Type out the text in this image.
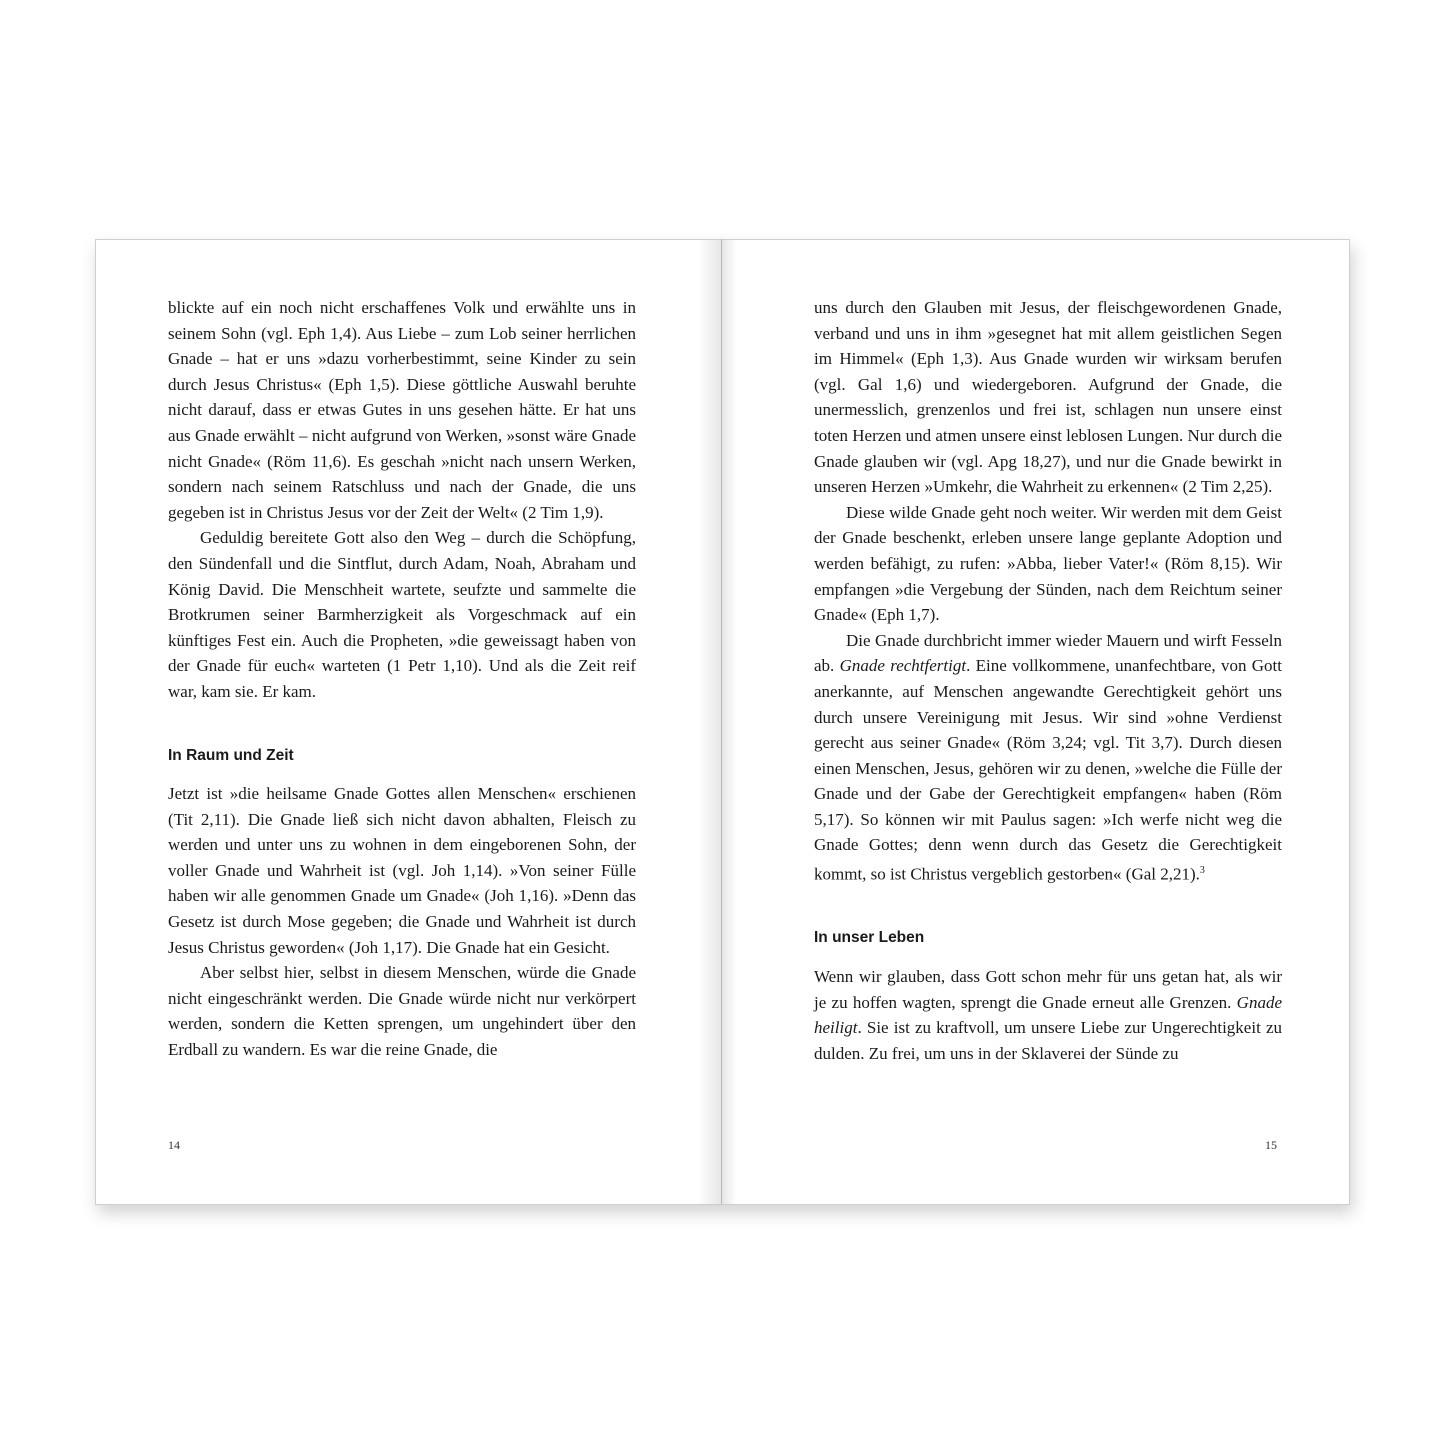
blickte auf ein noch nicht erschaffenes Volk und erwählte uns in seinem Sohn (vgl. Eph 1,4). Aus Liebe – zum Lob seiner herrlichen Gnade – hat er uns »dazu vorherbestimmt, seine Kinder zu sein durch Jesus Christus« (Eph 1,5). Diese göttliche Auswahl beruhte nicht darauf, dass er etwas Gutes in uns gesehen hätte. Er hat uns aus Gnade erwählt – nicht aufgrund von Werken, »sonst wäre Gnade nicht Gnade« (Röm 11,6). Es geschah »nicht nach unsern Werken, sondern nach seinem Ratschluss und nach der Gnade, die uns gegeben ist in Christus Jesus vor der Zeit der Welt« (2 Tim 1,9).

Geduldig bereitete Gott also den Weg – durch die Schöpfung, den Sündenfall und die Sintflut, durch Adam, Noah, Abraham und König David. Die Menschheit wartete, seufzte und sammelte die Brotkrumen seiner Barmherzigkeit als Vorgeschmack auf ein künftiges Fest ein. Auch die Propheten, »die geweissagt haben von der Gnade für euch« warteten (1 Petr 1,10). Und als die Zeit reif war, kam sie. Er kam.

In Raum und Zeit

Jetzt ist »die heilsame Gnade Gottes allen Menschen« erschienen (Tit 2,11). Die Gnade ließ sich nicht davon abhalten, Fleisch zu werden und unter uns zu wohnen in dem eingeborenen Sohn, der voller Gnade und Wahrheit ist (vgl. Joh 1,14). »Von seiner Fülle haben wir alle genommen Gnade um Gnade« (Joh 1,16). »Denn das Gesetz ist durch Mose gegeben; die Gnade und Wahrheit ist durch Jesus Christus geworden« (Joh 1,17). Die Gnade hat ein Gesicht.

Aber selbst hier, selbst in diesem Menschen, würde die Gnade nicht eingeschränkt werden. Die Gnade würde nicht nur verkörpert werden, sondern die Ketten sprengen, um ungehindert über den Erdball zu wandern. Es war die reine Gnade, die

14

uns durch den Glauben mit Jesus, der fleischgewordenen Gnade, verband und uns in ihm »gesegnet hat mit allem geistlichen Segen im Himmel« (Eph 1,3). Aus Gnade wurden wir wirksam berufen (vgl. Gal 1,6) und wiedergeboren. Aufgrund der Gnade, die unermesslich, grenzenlos und frei ist, schlagen nun unsere einst toten Herzen und atmen unsere einst leblosen Lungen. Nur durch die Gnade glauben wir (vgl. Apg 18,27), und nur die Gnade bewirkt in unseren Herzen »Umkehr, die Wahrheit zu erkennen« (2 Tim 2,25).

Diese wilde Gnade geht noch weiter. Wir werden mit dem Geist der Gnade beschenkt, erleben unsere lange geplante Adoption und werden befähigt, zu rufen: »Abba, lieber Vater!« (Röm 8,15). Wir empfangen »die Vergebung der Sünden, nach dem Reichtum seiner Gnade« (Eph 1,7).

Die Gnade durchbricht immer wieder Mauern und wirft Fesseln ab. Gnade rechtfertigt. Eine vollkommene, unanfechtbare, von Gott anerkannte, auf Menschen angewandte Gerechtigkeit gehört uns durch unsere Vereinigung mit Jesus. Wir sind »ohne Verdienst gerecht aus seiner Gnade« (Röm 3,24; vgl. Tit 3,7). Durch diesen einen Menschen, Jesus, gehören wir zu denen, »welche die Fülle der Gnade und der Gabe der Gerechtigkeit empfangen« haben (Röm 5,17). So können wir mit Paulus sagen: »Ich werfe nicht weg die Gnade Gottes; denn wenn durch das Gesetz die Gerechtigkeit kommt, so ist Christus vergeblich gestorben« (Gal 2,21).$^3$

In unser Leben

Wenn wir glauben, dass Gott schon mehr für uns getan hat, als wir je zu hoffen wagten, sprengt die Gnade erneut alle Grenzen. Gnade heiligt. Sie ist zu kraftvoll, um unsere Liebe zur Ungerechtigkeit zu dulden. Zu frei, um uns in der Sklaverei der Sünde zu

15
